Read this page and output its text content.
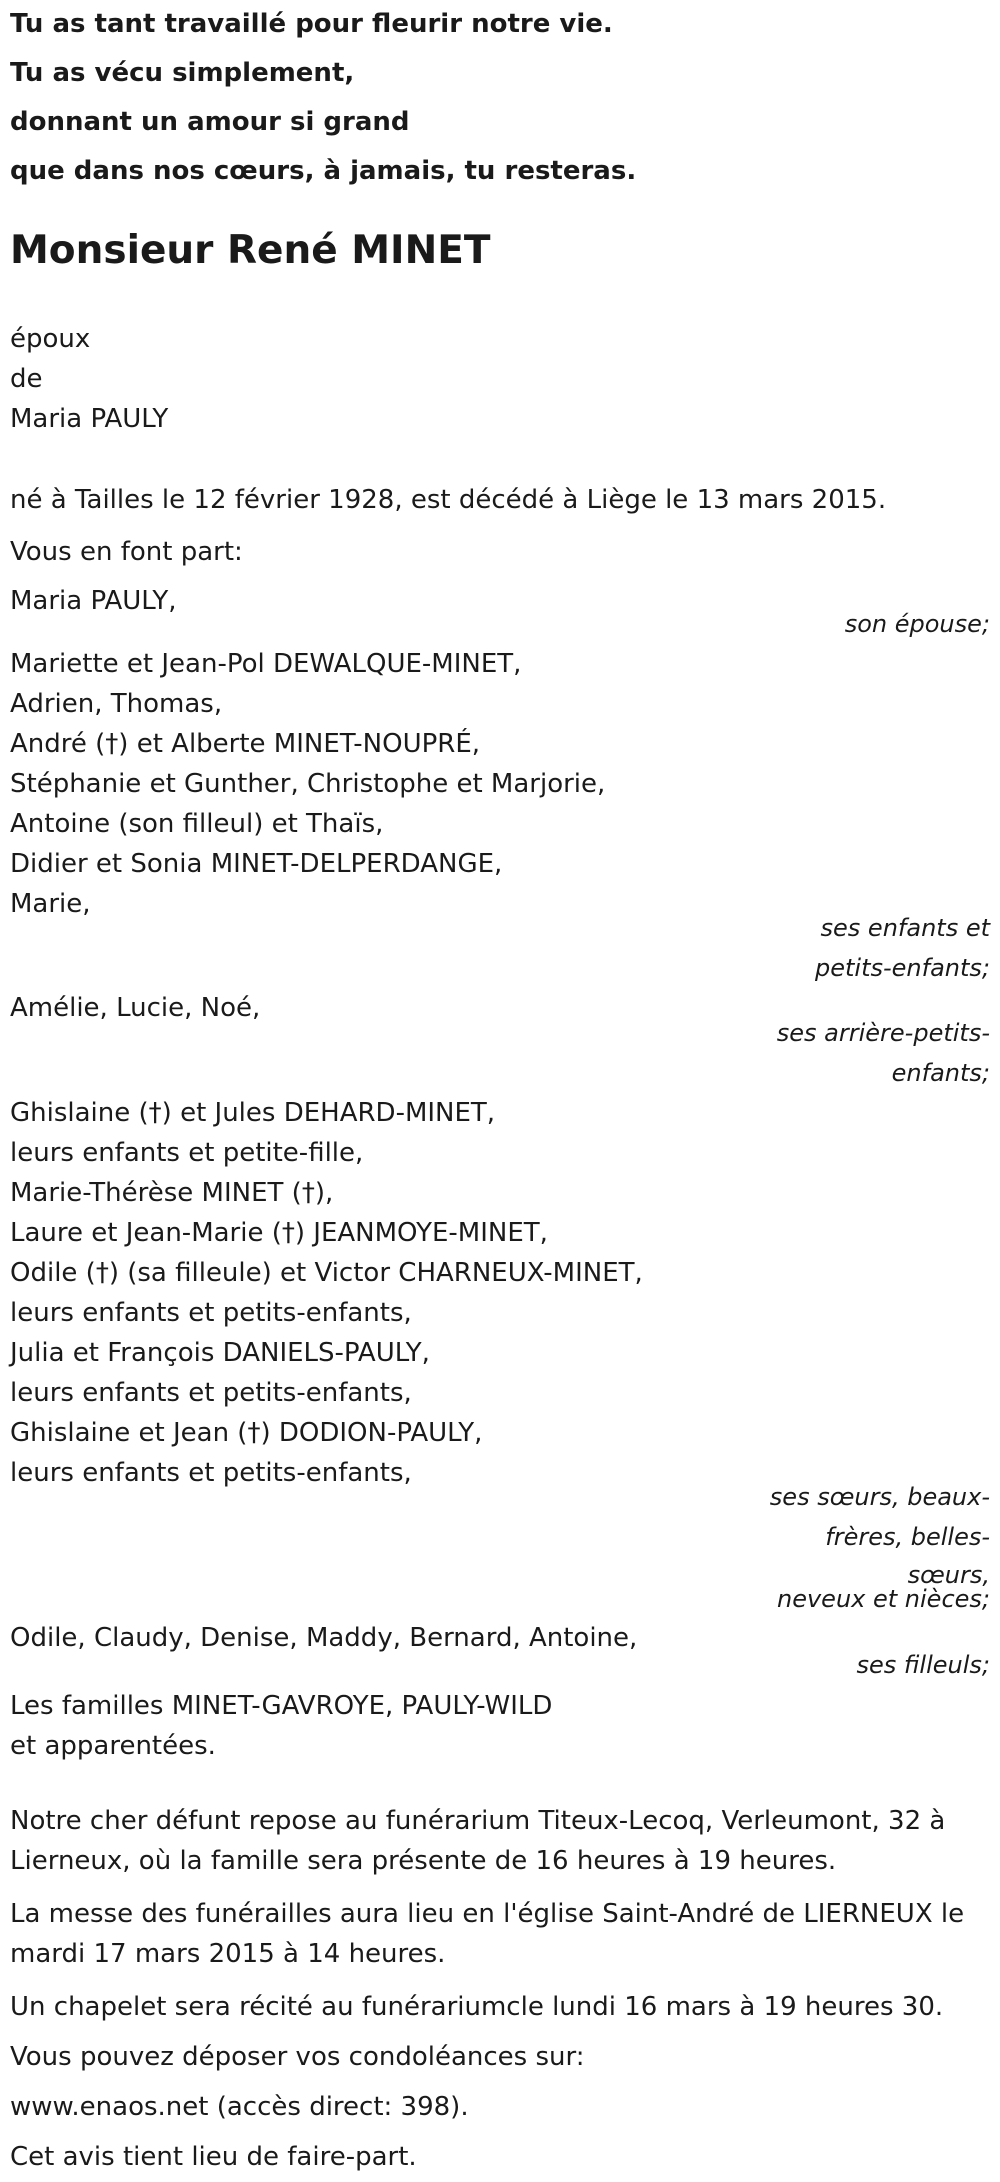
Tu as tant travaillé pour fleurir notre vie.
Tu as vécu simplement,
donnant un amour si grand
que dans nos cœurs, à jamais, tu resteras.
Monsieur René MINET
époux
de
Maria PAULY
né à Tailles le 12 février 1928, est décédé à Liège le 13 mars 2015.
Vous en font part:
Maria PAULY,
son épouse;
Mariette et Jean-Pol DEWALQUE-MINET,
Adrien, Thomas,
André (†) et Alberte MINET-NOUPRÉ,
Stéphanie et Gunther, Christophe et Marjorie,
Antoine (son filleul) et Thaïs,
Didier et Sonia MINET-DELPERDANGE,
Marie,
ses enfants et
petits-enfants;
Amélie, Lucie, Noé,
ses arrière-petits-
enfants;
Ghislaine (†) et Jules DEHARD-MINET,
leurs enfants et petite-fille,
Marie-Thérèse MINET (†),
Laure et Jean-Marie (†) JEANMOYE-MINET,
Odile (†) (sa filleule) et Victor CHARNEUX-MINET,
leurs enfants et petits-enfants,
Julia et François DANIELS-PAULY,
leurs enfants et petits-enfants,
Ghislaine et Jean (†) DODION-PAULY,
leurs enfants et petits-enfants,
ses sœurs, beaux-
frères, belles-
sœurs,
neveux et nièces;
Odile, Claudy, Denise, Maddy, Bernard, Antoine,
ses filleuls;
Les familles MINET-GAVROYE, PAULY-WILD
et apparentées.
Notre cher défunt repose au funérarium Titeux-Lecoq, Verleumont, 32 à
Lierneux, où la famille sera présente de 16 heures à 19 heures.
La messe des funérailles aura lieu en l'église Saint-André de LIERNEUX le
mardi 17 mars 2015 à 14 heures.
Un chapelet sera récité au funérariumcle lundi 16 mars à 19 heures 30.
Vous pouvez déposer vos condoléances sur:
www.enaos.net (accès direct: 398).
Cet avis tient lieu de faire-part.
